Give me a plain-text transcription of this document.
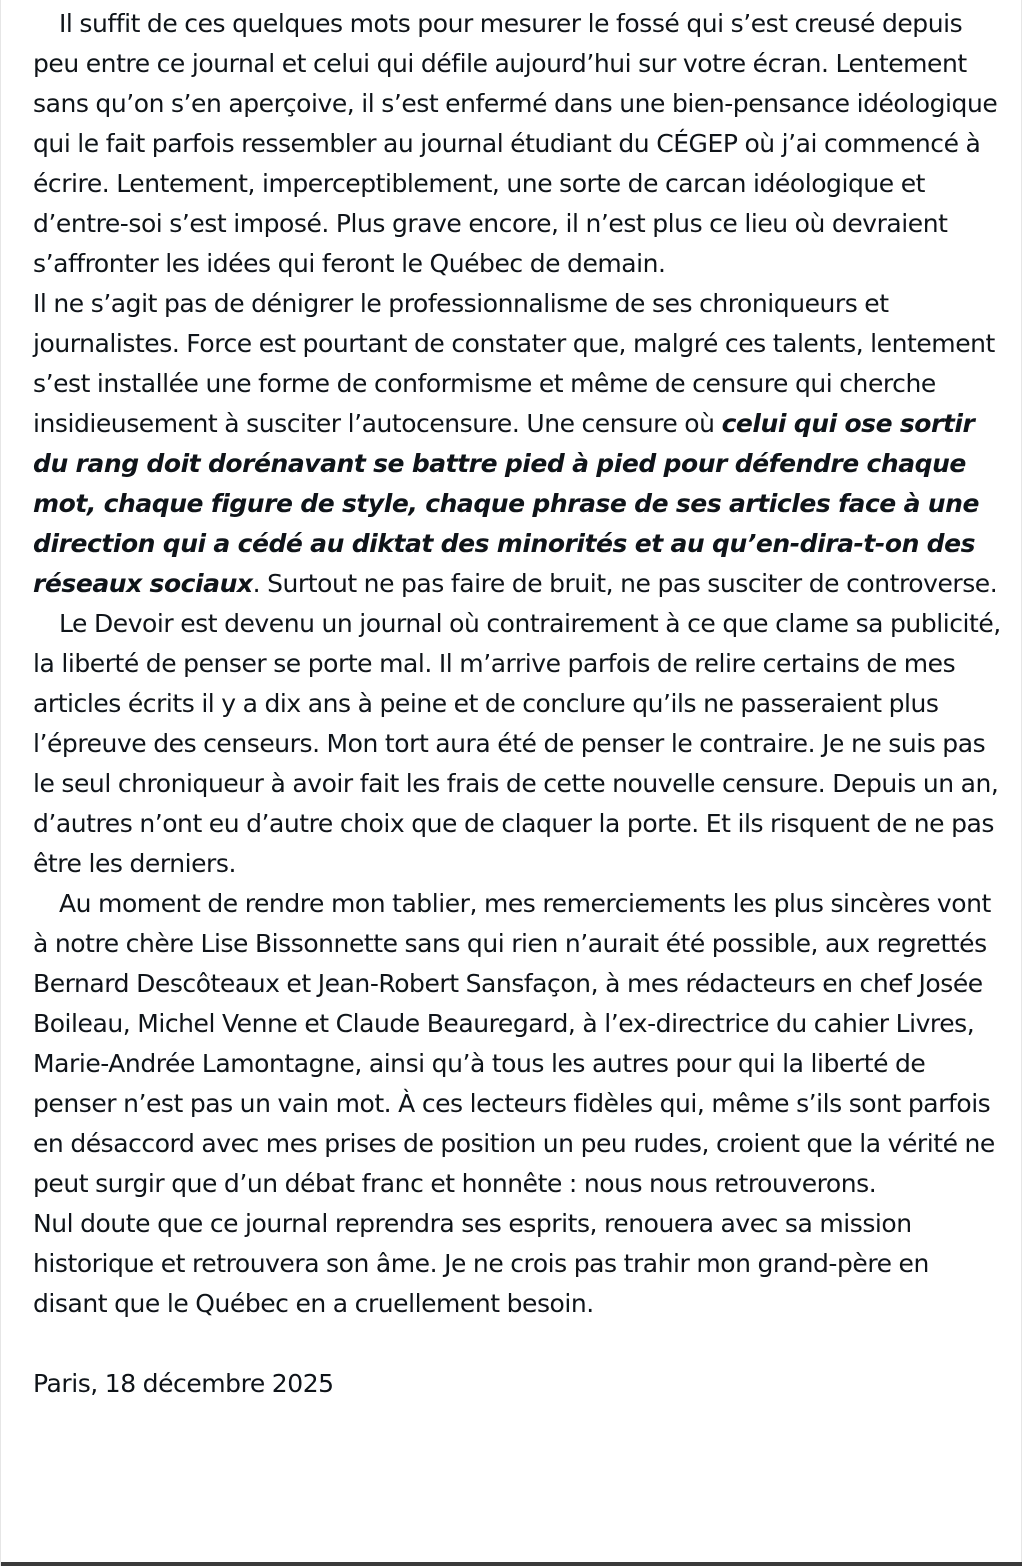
Il suffit de ces quelques mots pour mesurer le fossé qui s’est creusé depuis peu entre ce journal et celui qui défile aujourd’hui sur votre écran. Lentement sans qu’on s’en aperçoive, il s’est enfermé dans une bien-pensance idéologique qui le fait parfois ressembler au journal étudiant du CÉGEP où j’ai commencé à écrire. Lentement, imperceptiblement, une sorte de carcan idéologique et d’entre-soi s’est imposé. Plus grave encore, il n’est plus ce lieu où devraient s’affronter les idées qui feront le Québec de demain.

Il ne s’agit pas de dénigrer le professionnalisme de ses chroniqueurs et journalistes. Force est pourtant de constater que, malgré ces talents, lentement s’est installée une forme de conformisme et même de censure qui cherche insidieusement à susciter l’autocensure. Une censure où celui qui ose sortir du rang doit dorénavant se battre pied à pied pour défendre chaque mot, chaque figure de style, chaque phrase de ses articles face à une direction qui a cédé au diktat des minorités et au qu’en-dira-t-on des réseaux sociaux. Surtout ne pas faire de bruit, ne pas susciter de controverse.

Le Devoir est devenu un journal où contrairement à ce que clame sa publicité, la liberté de penser se porte mal. Il m’arrive parfois de relire certains de mes articles écrits il y a dix ans à peine et de conclure qu’ils ne passeraient plus l’épreuve des censeurs. Mon tort aura été de penser le contraire. Je ne suis pas le seul chroniqueur à avoir fait les frais de cette nouvelle censure. Depuis un an, d’autres n’ont eu d’autre choix que de claquer la porte. Et ils risquent de ne pas être les derniers.

Au moment de rendre mon tablier, mes remerciements les plus sincères vont à notre chère Lise Bissonnette sans qui rien n’aurait été possible, aux regrettés Bernard Descôteaux et Jean-Robert Sansfaçon, à mes rédacteurs en chef Josée Boileau, Michel Venne et Claude Beauregard, à l’ex-directrice du cahier Livres, Marie-Andrée Lamontagne, ainsi qu’à tous les autres pour qui la liberté de penser n’est pas un vain mot. À ces lecteurs fidèles qui, même s’ils sont parfois en désaccord avec mes prises de position un peu rudes, croient que la vérité ne peut surgir que d’un débat franc et honnête : nous nous retrouverons.

Nul doute que ce journal reprendra ses esprits, renouera avec sa mission historique et retrouvera son âme. Je ne crois pas trahir mon grand-père en disant que le Québec en a cruellement besoin.

Paris, 18 décembre 2025
